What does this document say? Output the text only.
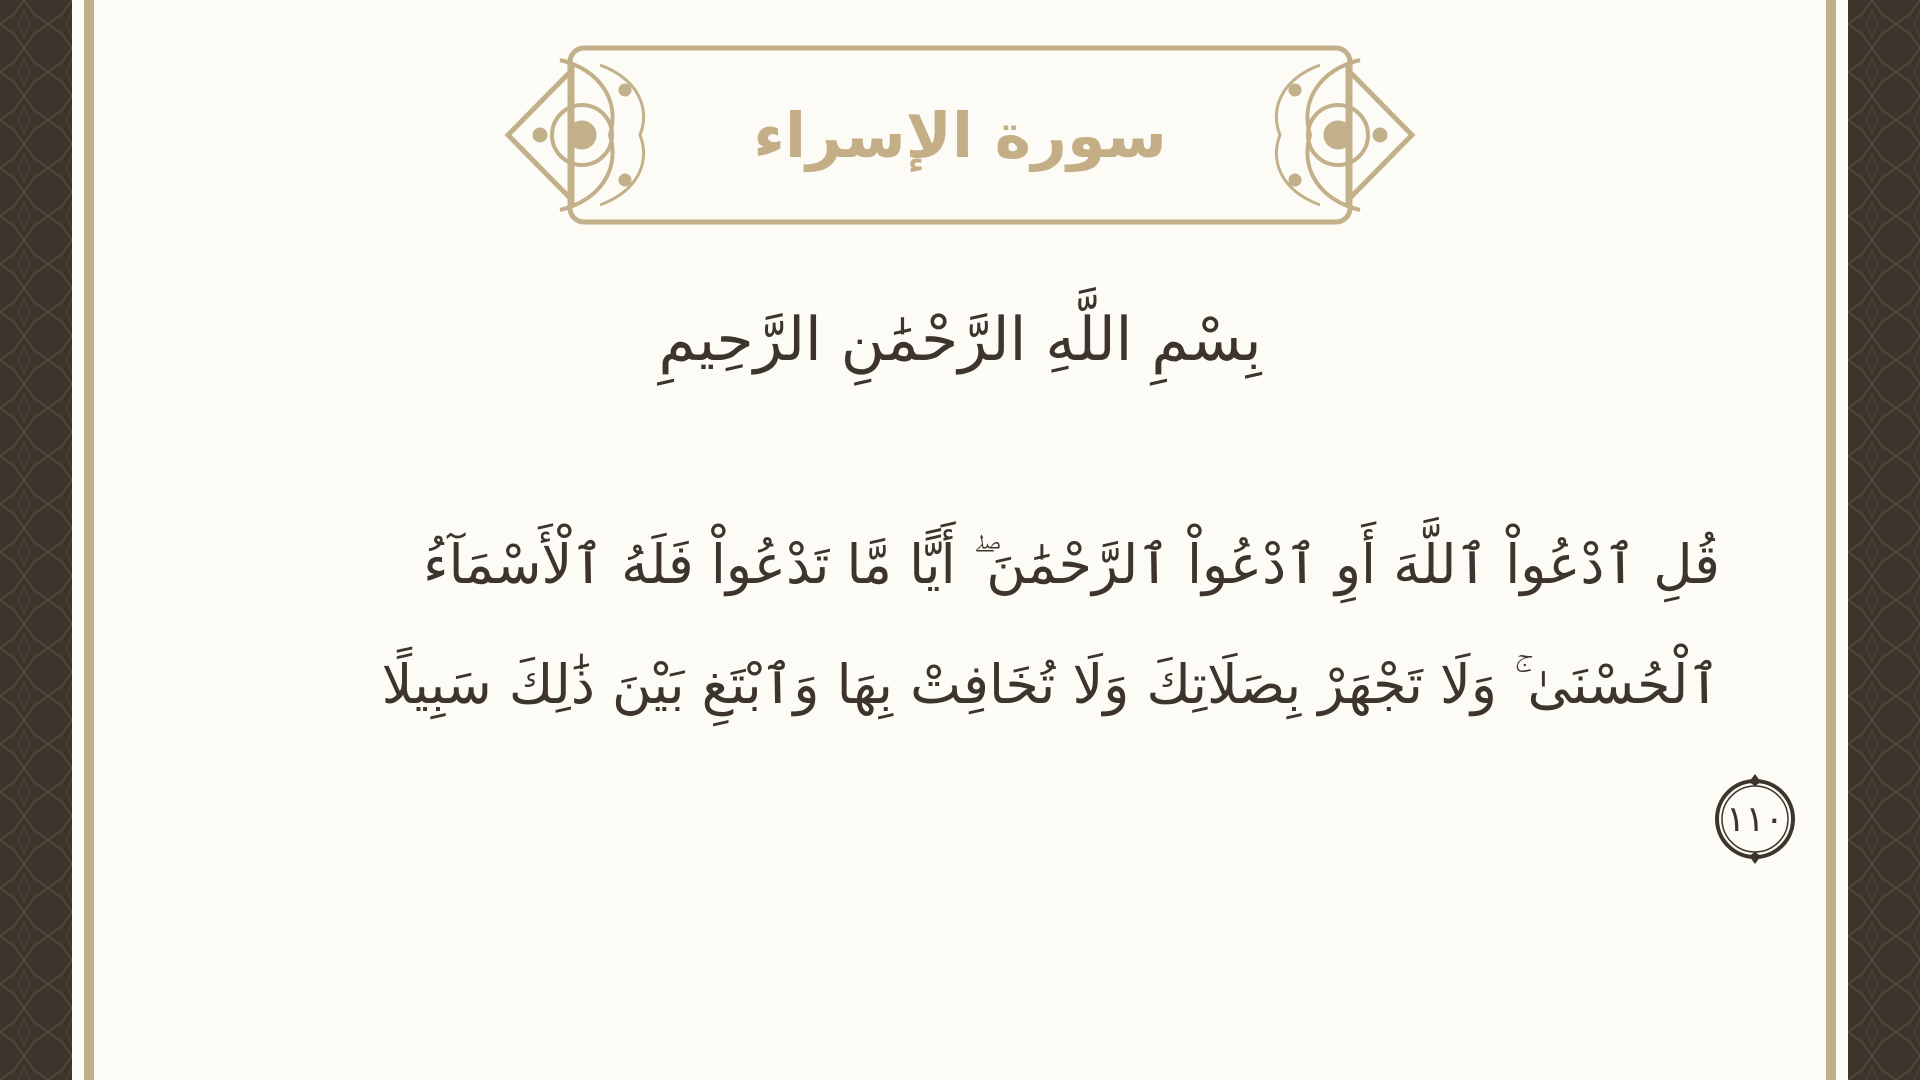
سورة الإسراء
بِسْمِ اللَّهِ الرَّحْمَٰنِ الرَّحِيمِ
قُلِ ٱدْعُواْ ٱللَّهَ أَوِ ٱدْعُواْ ٱلرَّحْمَٰنَ ۖ أَيًّا مَّا تَدْعُواْ فَلَهُ ٱلْأَسْمَآءُ
ٱلْحُسْنَىٰ ۚ وَلَا تَجْهَرْ بِصَلَاتِكَ وَلَا تُخَافِتْ بِهَا وَٱبْتَغِ بَيْنَ ذَٰلِكَ سَبِيلًا
١١٠
